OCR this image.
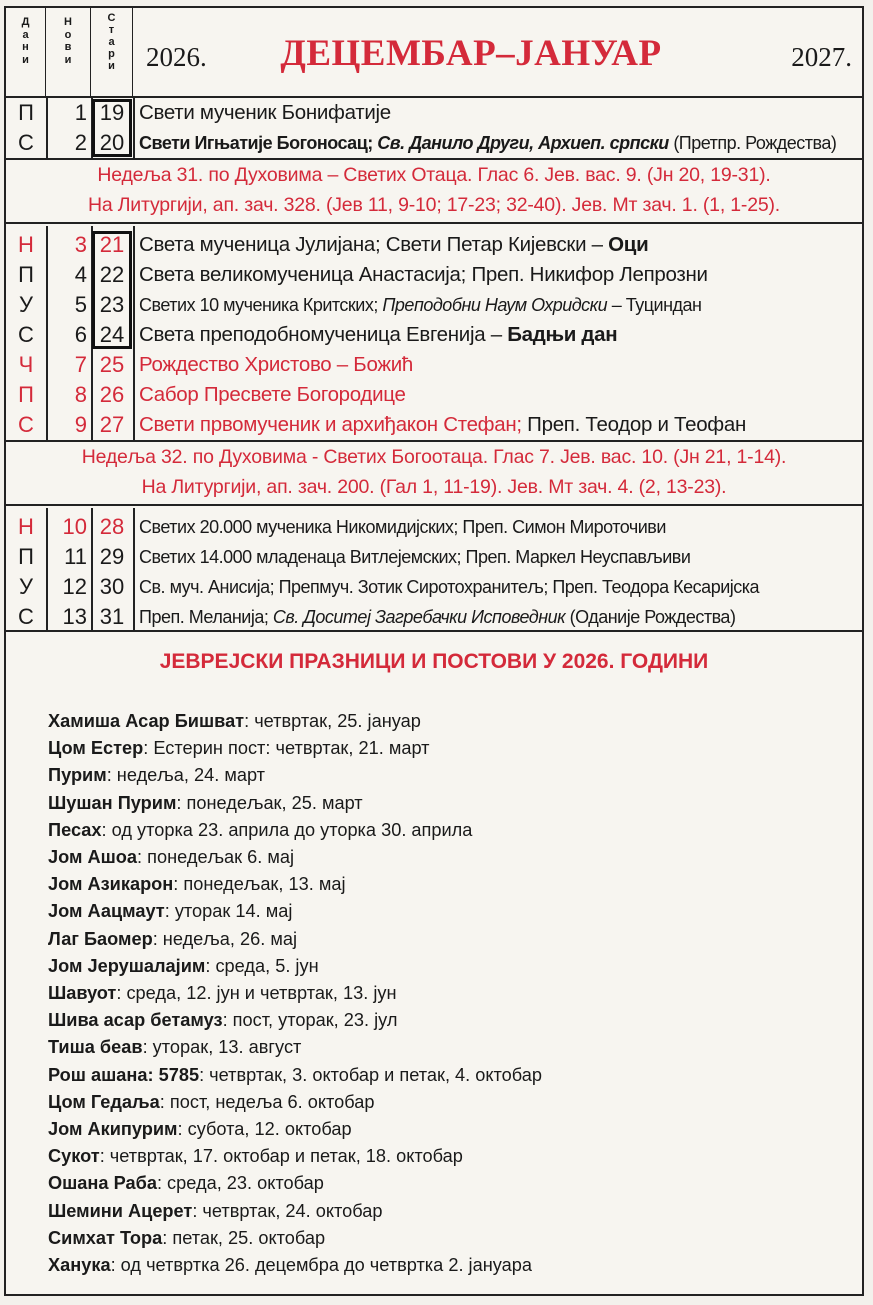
Д
а
н
и
Н
о
в
и
С
т
а
р
и	2026.	ДЕЦЕМБАР–ЈАНУАР	2027.
П	1 19 Свети мученик Бонифатије
С	2 20 Свети Игњатије Богоносац; Св. Данило Други, Архиеп. српски (Претпр. Рождества)
Недеља 31. по Духовима – Светих Отаца. Глас 6. Јев. вас. 9. (Јн 20, 19-31).
На Литургији, ап. зач. 328. (Јев 11, 9-10; 17-23; 32-40). Јев. Мт зач. 1. (1, 1-25).
Н	3 21 Света мученица Јулијана; Свети Петар Кијевски – Оци
П	4 22 Света великомученица Анастасија; Преп. Никифор Лепрозни
У	5 23 Светих 10 мученика Критских; Преподобни Наум Охридски – Туциндан
С	6 24 Света преподобномученица Евгенија – Бадњи дан
Ч	7 25 Рождество Христово – Божић
П	8 26 Сабор Пресвете Богородице
С	9 27 Свети првомученик и архиђакон Стефан; Преп. Теодор и Теофан
Недеља 32. по Духовима - Светих Богоотаца. Глас 7. Јев. вас. 10. (Јн 21, 1-14).
На Литургији, ап. зач. 200. (Гал 1, 11-19). Јев. Мт зач. 4. (2, 13-23).
Н	10 28 Светих 20.000 мученика Никомидијских; Преп. Симон Мироточиви
П	11 29 Светих 14.000 младенаца Витлејемских; Преп. Маркел Неуспављиви
У	12 30 Св. муч. Анисија; Препмуч. Зотик Сиротохранитељ; Преп. Теодора Кесаријска
С	13 31 Преп. Меланија; Св. Доситеј Загребачки Исповедник (Оданије Рождества)
ЈЕВРЕЈСКИ ПРАЗНИЦИ И ПОСТОВИ У 2026. ГОДИНИ
Хамиша Асар Бишват: четвртак, 25. јануар
Цом Естер: Естерин пост: четвртак, 21. март
Пурим: недеља, 24. март
Шушан Пурим: понедељак, 25. март
Песах: од уторка 23. априла до уторка 30. априла
Јом Ашоа: понедељак 6. мај
Јом Азикарон: понедељак, 13. мај
Јом Аацмаут: уторак 14. мај
Лаг Баомер: недеља, 26. мај
Јом Јерушалајим: среда, 5. јун
Шавуот: среда, 12. јун и четвртак, 13. јун
Шива асар бетамуз: пост, уторак, 23. јул
Тиша беав: уторак, 13. август
Рош ашана: 5785: четвртак, 3. октобар и петак, 4. октобар
Цом Гедаља: пост, недеља 6. октобар
Јом Акипурим: субота, 12. октобар
Сукот: четвртак, 17. октобар и петак, 18. октобар
Ошана Раба: среда, 23. октобар
Шемини Ацерет: четвртак, 24. октобар
Симхат Тора: петак, 25. октобар
Ханука: од четвртка 26. децембра до четвртка 2. јануара
